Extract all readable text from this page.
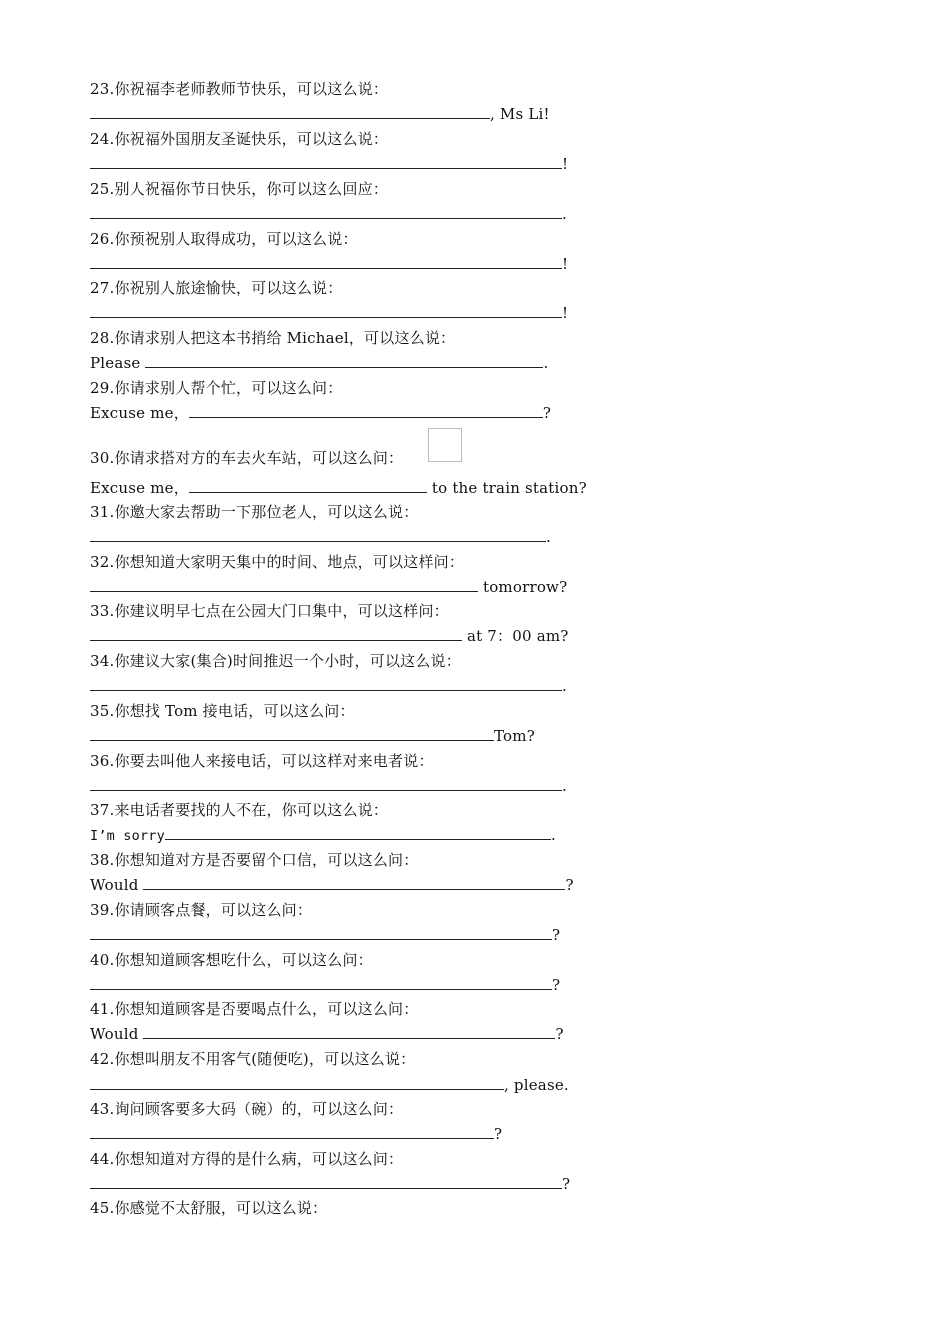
23.你祝福李老师教师节快乐，可以这么说：
, Ms Li!
24.你祝福外国朋友圣诞快乐，可以这么说：
!
25.别人祝福你节日快乐，你可以这么回应：
.
26.你预祝别人取得成功，可以这么说：
!
27.你祝别人旅途愉快，可以这么说：
!
28.你请求别人把这本书捎给 Michael，可以这么说：
Please	.
29.你请求别人帮个忙，可以这么问：
Excuse me，	?
30.你请求搭对方的车去火车站，可以这么问：
Excuse me，	to the train station?
31.你邀大家去帮助一下那位老人，可以这么说：
.
32.你想知道大家明天集中的时间、地点，可以这样问：
tomorrow?
33.你建议明早七点在公园大门口集中，可以这样问：
at 7：00 am?
34.你建议大家(集合)时间推迟一个小时，可以这么说：
.
35.你想找 Tom 接电话，可以这么问：
Tom?
36.你要去叫他人来接电话，可以这样对来电者说：
.
37.来电话者要找的人不在，你可以这么说：
I’m sorry	.
38.你想知道对方是否要留个口信，可以这么问：
Would	?
39.你请顾客点餐，可以这么问：
?
40.你想知道顾客想吃什么，可以这么问：
?
41.你想知道顾客是否要喝点什么，可以这么问：
Would	?
42.你想叫朋友不用客气(随便吃)，可以这么说：
, please.
43.询问顾客要多大码（碗）的，可以这么问：
?
44.你想知道对方得的是什么病，可以这么问：
?
45.你感觉不太舒服，可以这么说：
